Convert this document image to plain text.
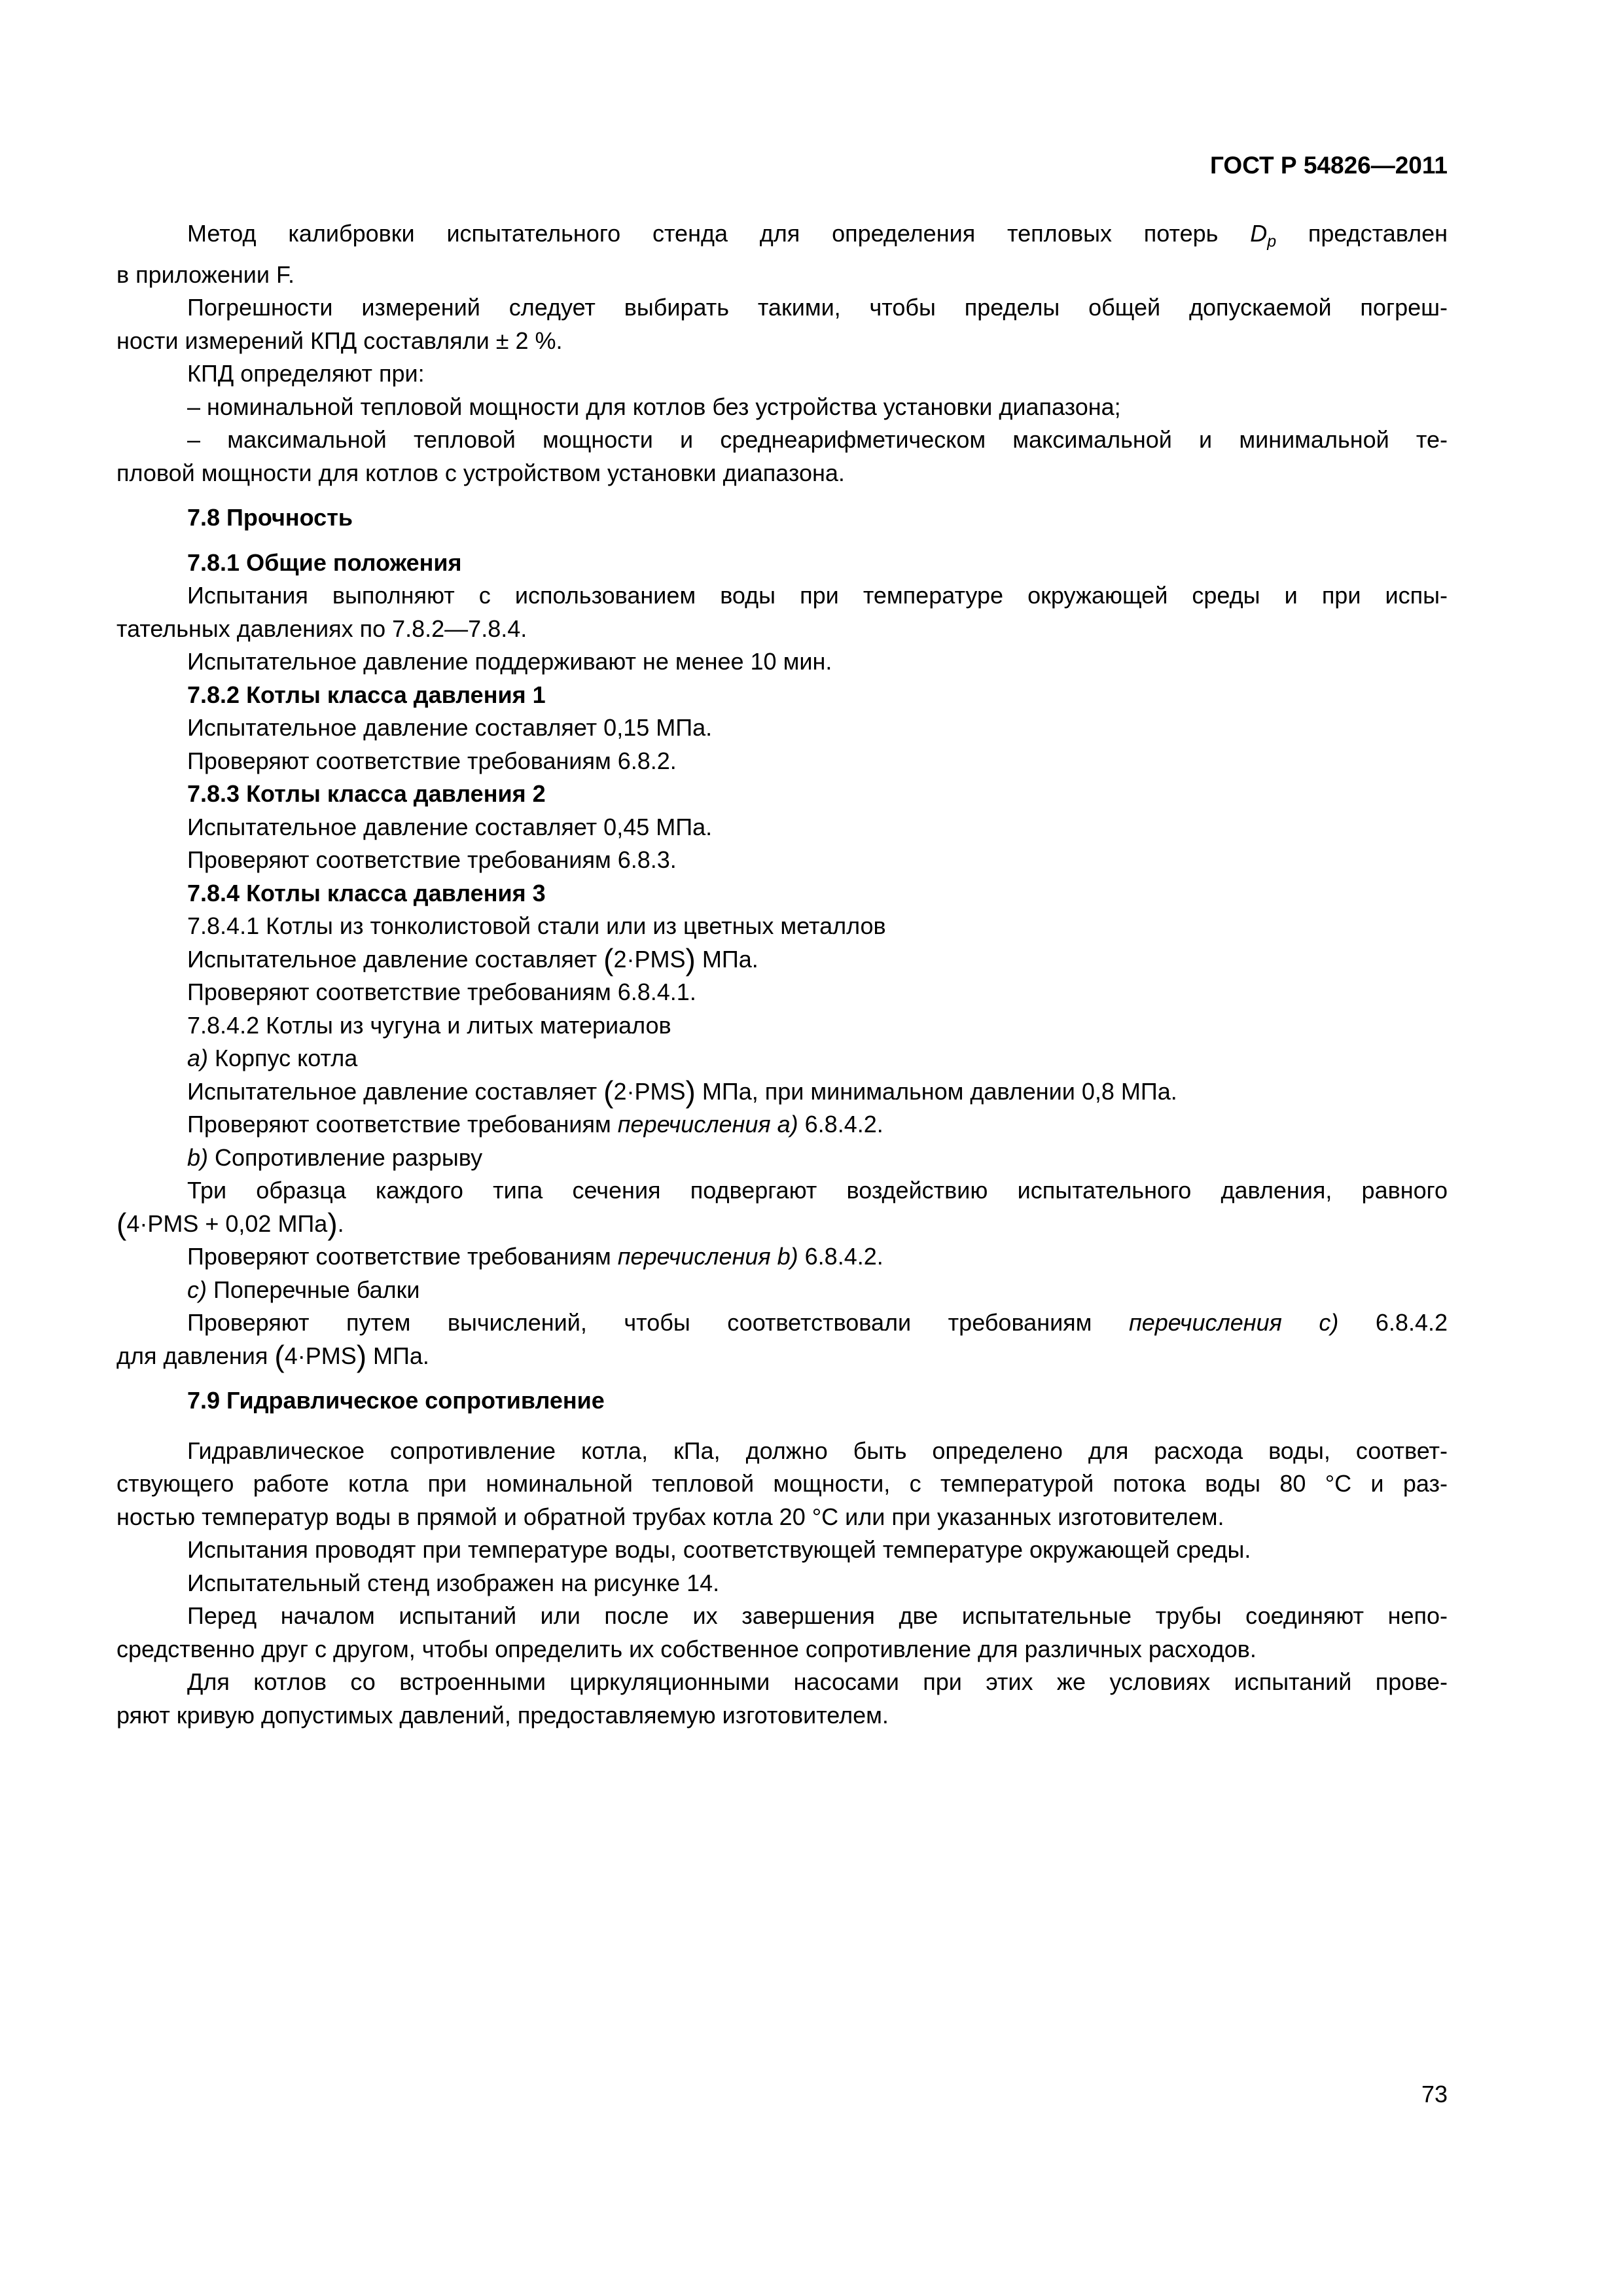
ГОСТ Р 54826—2011

Метод калибровки испытательного стенда для определения тепловых потерь $D_p$ представлен

в приложении F.

Погрешности измерений следует выбирать такими, чтобы пределы общей допускаемой погреш-

ности измерений КПД составляли ± 2 %.

КПД определяют при:

– номинальной тепловой мощности для котлов без устройства установки диапазона;

– максимальной тепловой мощности и среднеарифметическом максимальной и минимальной те-

пловой мощности для котлов с устройством установки диапазона.

7.8 Прочность

7.8.1 Общие положения

Испытания выполняют с использованием воды при температуре окружающей среды и при испы-

тательных давлениях по 7.8.2—7.8.4.

Испытательное давление поддерживают не менее 10 мин.

7.8.2 Котлы класса давления 1

Испытательное давление составляет 0,15 МПа.

Проверяют соответствие требованиям 6.8.2.

7.8.3 Котлы класса давления 2

Испытательное давление составляет 0,45 МПа.

Проверяют соответствие требованиям 6.8.3.

7.8.4 Котлы класса давления 3

7.8.4.1 Котлы из тонколистовой стали или из цветных металлов

Испытательное давление составляет (2·PMS) МПа.

Проверяют соответствие требованиям 6.8.4.1.

7.8.4.2 Котлы из чугуна и литых материалов

a) Корпус котла

Испытательное давление составляет (2·PMS) МПа, при минимальном давлении 0,8 МПа.

Проверяют соответствие требованиям перечисления a) 6.8.4.2.

b) Сопротивление разрыву

Три образца каждого типа сечения подвергают воздействию испытательного давления, равного

(4·PMS + 0,02 МПа).

Проверяют соответствие требованиям перечисления b) 6.8.4.2.

c) Поперечные балки

Проверяют путем вычислений, чтобы соответствовали требованиям перечисления c) 6.8.4.2

для давления (4·PMS) МПа.

7.9 Гидравлическое сопротивление

Гидравлическое сопротивление котла, кПа, должно быть определено для расхода воды, соответ-

ствующего работе котла при номинальной тепловой мощности, с температурой потока воды 80 °С и раз-

ностью температур воды в прямой и обратной трубах котла 20 °С или при указанных изготовителем.

Испытания проводят при температуре воды, соответствующей температуре окружающей среды.

Испытательный стенд изображен на рисунке 14.

Перед началом испытаний или после их завершения две испытательные трубы соединяют непо-

средственно друг с другом, чтобы определить их собственное сопротивление для различных расходов.

Для котлов со встроенными циркуляционными насосами при этих же условиях испытаний прове-

ряют кривую допустимых давлений, предоставляемую изготовителем.

73
